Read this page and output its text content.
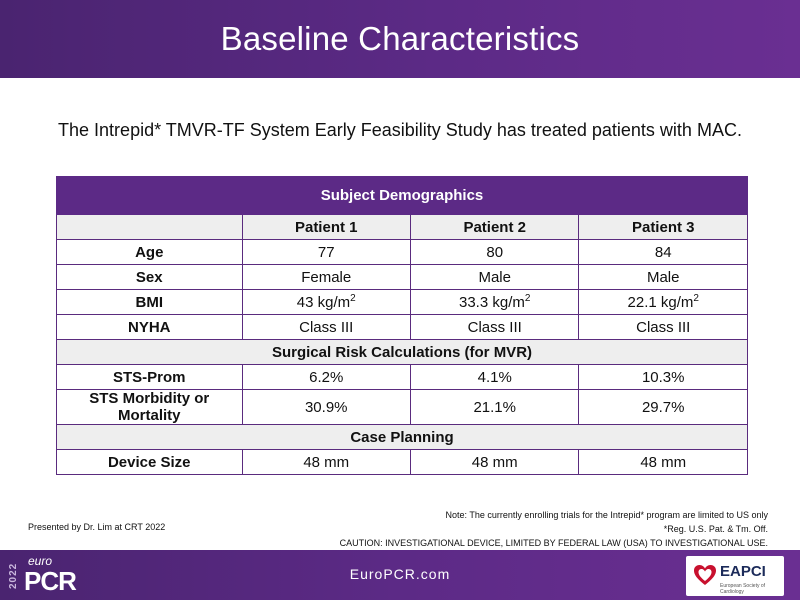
Baseline Characteristics
The Intrepid* TMVR-TF System Early Feasibility Study has treated patients with MAC.
Subject Demographics			
	Patient 1	Patient 2	Patient 3
Age	77	80	84
Sex	Female	Male	Male
BMI	43 $kg/m^2$	33.3 $kg/m^2$	22.1 $kg/m^2$
NYHA	Class III	Class III	Class III
Surgical Risk Calculations (for MVR)			
STS-Prom	6.2%	4.1%	10.3%

STS Morbidity or
Mortality	30.9%	21.1%	29.7%
Case Planning			
Device Size	48 mm	48 mm	48 mm
Note: The currently enrolling trials for the Intrepid* program are limited to US only
*Reg. U.S. Pat. & Tm. Off.
CAUTION: INVESTIGATIONAL DEVICE, LIMITED BY FEDERAL LAW (USA) TO INVESTIGATIONAL USE.
Presented by Dr. Lim at CRT 2022
2022
euro
PCR	EuroPCR.com	EAPCI
European Society of Cardiology
